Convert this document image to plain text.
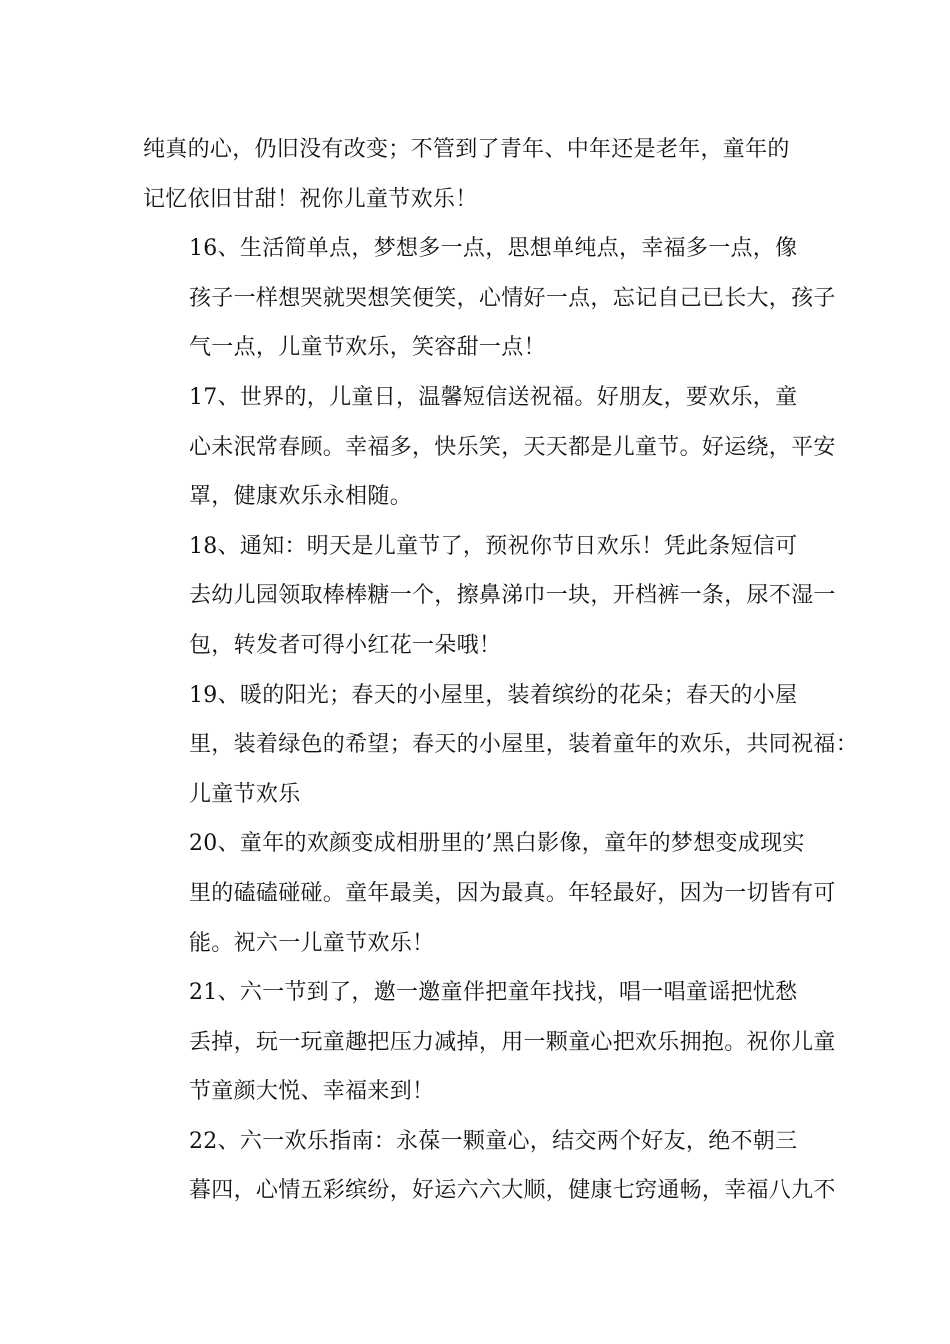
纯真的心，仍旧没有改变；不管到了青年、中年还是老年，童年的
记忆依旧甘甜！祝你儿童节欢乐！

16、生活简单点，梦想多一点，思想单纯点，幸福多一点，像
孩子一样想哭就哭想笑便笑，心情好一点，忘记自己已长大，孩子
气一点，儿童节欢乐，笑容甜一点！

17、世界的，儿童日，温馨短信送祝福。好朋友，要欢乐，童
心未泯常春顾。幸福多，快乐笑，天天都是儿童节。好运绕，平安
罩，健康欢乐永相随。

18、通知：明天是儿童节了，预祝你节日欢乐！凭此条短信可
去幼儿园领取棒棒糖一个，擦鼻涕巾一块，开档裤一条，尿不湿一
包，转发者可得小红花一朵哦！

19、暖的阳光；春天的小屋里，装着缤纷的花朵；春天的小屋
里，装着绿色的希望；春天的小屋里，装着童年的欢乐，共同祝福：
儿童节欢乐

20、童年的欢颜变成相册里的’黑白影像，童年的梦想变成现实
里的磕磕碰碰。童年最美，因为最真。年轻最好，因为一切皆有可
能。祝六一儿童节欢乐！

21、六一节到了，邀一邀童伴把童年找找，唱一唱童谣把忧愁
丢掉，玩一玩童趣把压力减掉，用一颗童心把欢乐拥抱。祝你儿童
节童颜大悦、幸福来到！

22、六一欢乐指南：永葆一颗童心，结交两个好友，绝不朝三
暮四，心情五彩缤纷，好运六六大顺，健康七窍通畅，幸福八九不
